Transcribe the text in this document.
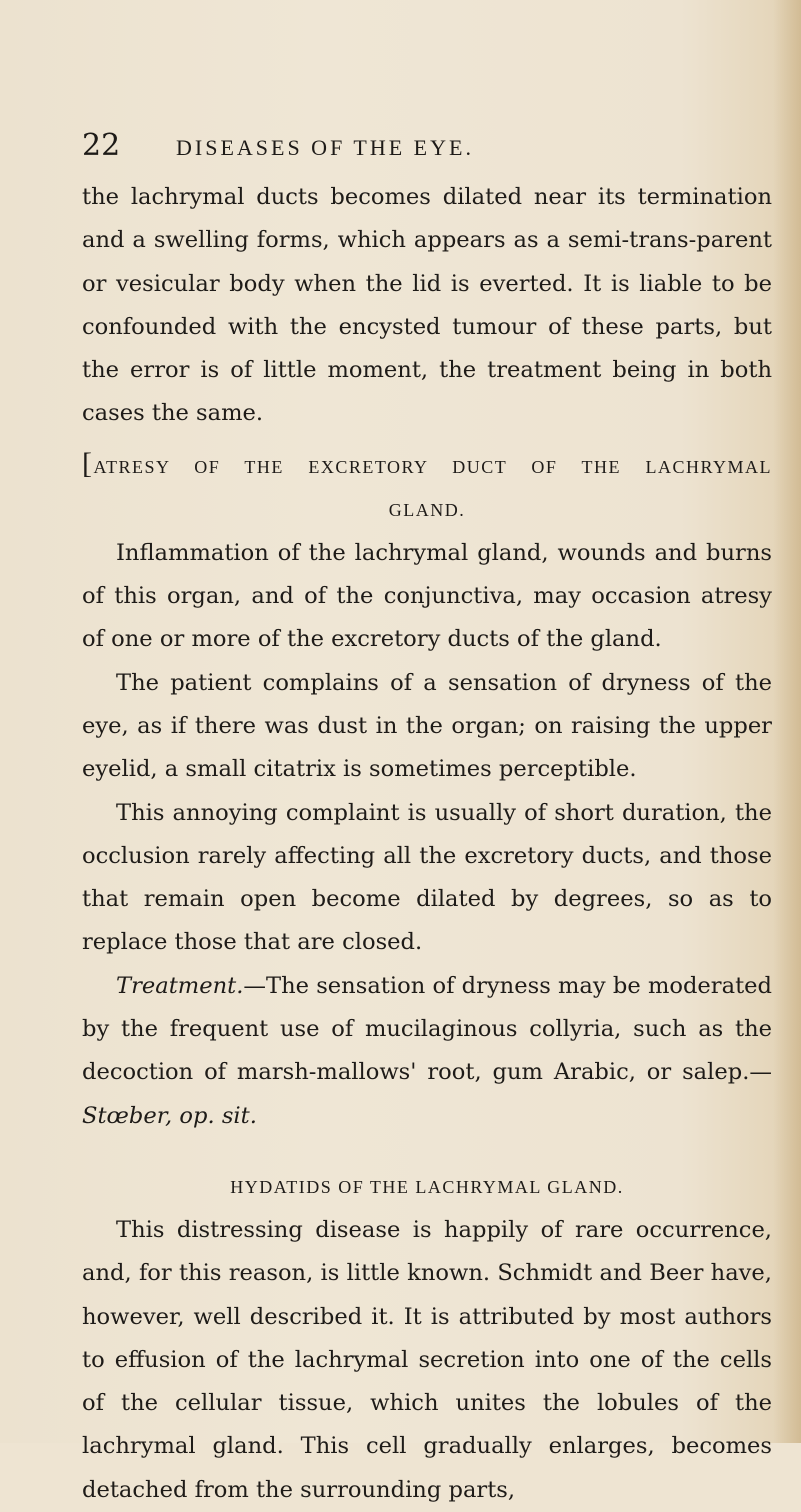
22	DISEASES OF THE EYE.

the lachrymal ducts becomes dilated near its termination and a swelling forms, which appears as a semi-trans-parent or vesicular body when the lid is everted. It is liable to be confounded with the encysted tumour of these parts, but the error is of little moment, the treatment being in both cases the same.

[ATRESY OF THE EXCRETORY DUCT OF THE LACHRYMAL
GLAND.

Inflammation of the lachrymal gland, wounds and burns of this organ, and of the conjunctiva, may occasion atresy of one or more of the excretory ducts of the gland.

The patient complains of a sensation of dryness of the eye, as if there was dust in the organ; on raising the upper eyelid, a small citatrix is sometimes perceptible.

This annoying complaint is usually of short duration, the occlusion rarely affecting all the excretory ducts, and those that remain open become dilated by degrees, so as to replace those that are closed.

Treatment.—The sensation of dryness may be moderated by the frequent use of mucilaginous collyria, such as the decoction of marsh-mallows' root, gum Arabic, or salep.— Stœber, op. sit.

HYDATIDS OF THE LACHRYMAL GLAND.

This distressing disease is happily of rare occurrence, and, for this reason, is little known. Schmidt and Beer have, however, well described it. It is attributed by most authors to effusion of the lachrymal secretion into one of the cells of the cellular tissue, which unites the lobules of the lachrymal gland. This cell gradually enlarges, becomes detached from the surrounding parts,
